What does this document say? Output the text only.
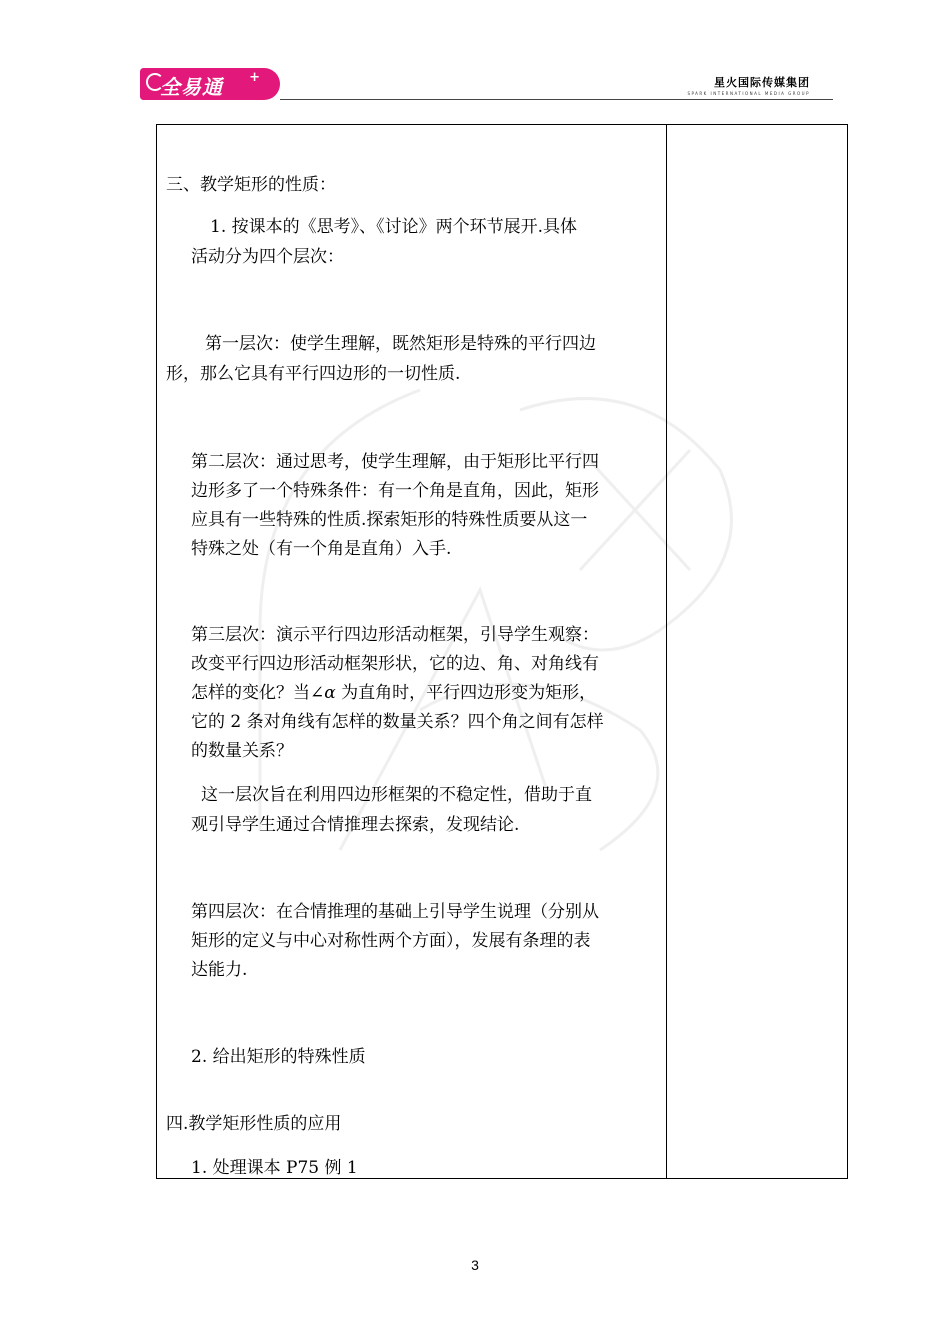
全易通 +	星火国际传媒集团
SPARK INTERNATIONAL MEDIA GROUP
三、教学矩形的性质：
1. 按课本的《思考》、《讨论》两个环节展开.具体
活动分为四个层次：
第一层次：使学生理解，既然矩形是特殊的平行四边
形，那么它具有平行四边形的一切性质.
第二层次：通过思考，使学生理解，由于矩形比平行四
边形多了一个特殊条件：有一个角是直角，因此，矩形
应具有一些特殊的性质.探索矩形的特殊性质要从这一
特殊之处（有一个角是直角）入手.
第三层次：演示平行四边形活动框架，引导学生观察：
改变平行四边形活动框架形状，它的边、角、对角线有
怎样的变化？当∠α 为直角时，平行四边形变为矩形，
它的 2 条对角线有怎样的数量关系？四个角之间有怎样
的数量关系？
这一层次旨在利用四边形框架的不稳定性，借助于直
观引导学生通过合情推理去探索，发现结论.
第四层次：在合情推理的基础上引导学生说理（分别从
矩形的定义与中心对称性两个方面），发展有条理的表
达能力.
2. 给出矩形的特殊性质
四.教学矩形性质的应用
1. 处理课本 P75 例 1
3
